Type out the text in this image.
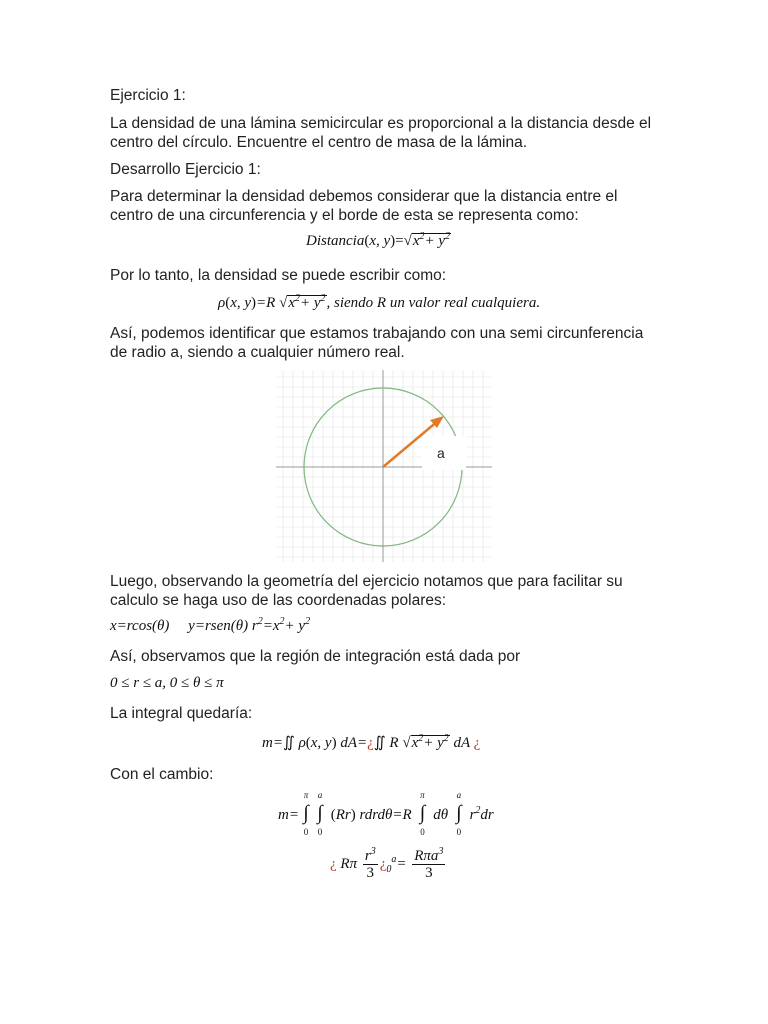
Ejercicio 1:
La densidad de una lámina semicircular es proporcional a la distancia desde el
centro del círculo. Encuentre el centro de masa de la lámina.
Desarrollo Ejercicio 1:
Para determinar la densidad debemos considerar que la distancia entre el
centro de una circunferencia y el borde de esta se representa como:
Distancia(x, $y)=√x^2+ y^2$
Por lo tanto, la densidad se puede escribir como:
ρ(x, y)=R $√x^2+ y^2$, siendo R un valor real cualquiera.
Así, podemos identificar que estamos trabajando con una semi circunferencia
de radio a, siendo a cualquier número real.
a
Luego, observando la geometría del ejercicio notamos que para facilitar su
calculo se haga uso de las coordenadas polares:
x=rcos(θ) y=rsen(θ) $r^2=x^2+ y^2$
Así, observamos que la región de integración está dada por
0 ≤ r ≤ a, 0 ≤ θ ≤ π
La integral quedaría:
m=∬ ρ(x, y) dA=¿∬ R $√x^2+ y^2$ dA ¿
Con el cambio:
m= ∫
π
0
∫
a
0
(Rr) rdrdθ=R ∫
π
0
dθ ∫
a
0
$r^2dr$
¿ Rπ $\frac{r^3}{3}$ ¿$_0^a= \frac{R\pi a^3}{3}$
